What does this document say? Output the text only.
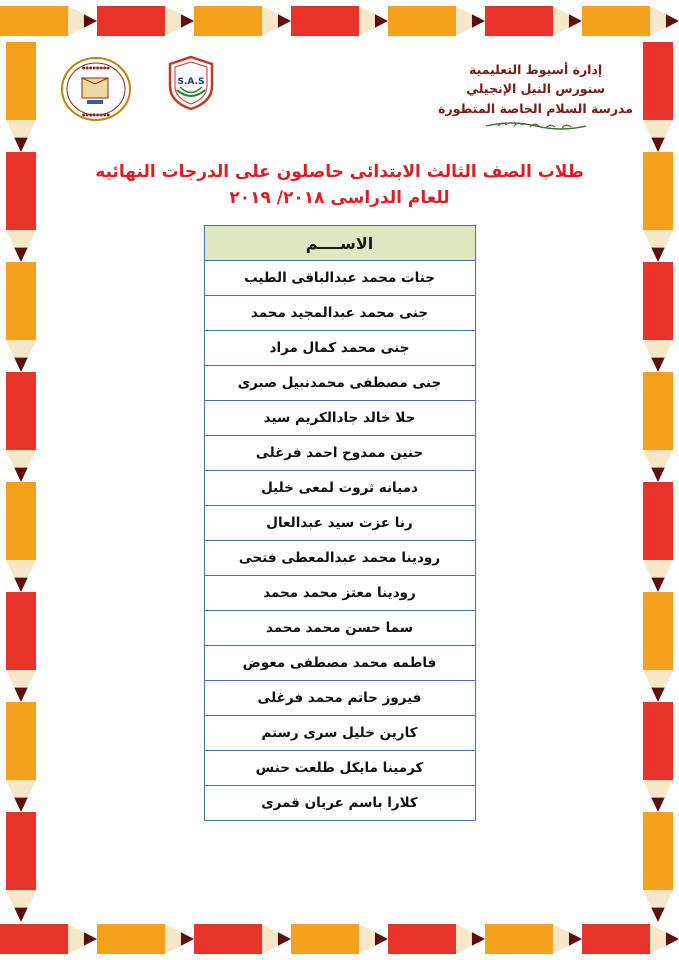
●●●●●●●●
●●●●●●●●
S.A.S
إدارة أسيوط التعليمية
سنورس النيل الإنجيلي
مدرسة السلام الخاصة المتطورة
طلاب الصف الثالث الابتدائى حاصلون على الدرجات النهائيه
للعام الدراسى ٢٠١٨/ ٢٠١٩
الاســــم
جنات محمد عبدالباقى الطيب
جنى محمد عبدالمجيد محمد
جنى محمد كمال مراد
جنى مصطفى محمدنبيل صبرى
حلا خالد جادالكريم سيد
حنين ممدوح احمد فرغلى
دميانه ثروت لمعى خليل
رنا عزت سيد عبدالعال
رودينا محمد عبدالمعطى فتحى
رودينا معتز محمد محمد
سما حسن محمد محمد
فاطمه محمد مصطفى معوض
فيروز حاتم محمد فرغلى
كارين خليل سرى رستم
كرمينا مايكل طلعت حنس
كلارا باسم عريان قمرى
